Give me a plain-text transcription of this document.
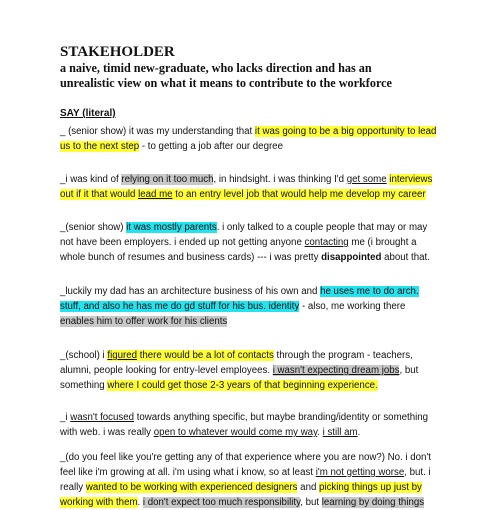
STAKEHOLDER

a naive, timid new-graduate, who lacks direction and has an

unrealistic view on what it means to contribute to the workforce

SAY (literal)

_ (senior show) it was my understanding that it was going to be a big opportunity to lead
us to the next step - to getting a job after our degree
_i was kind of relying on it too much, in hindsight. i was thinking I'd get some interviews
out if it that would lead me to an entry level job that would help me develop my career
_(senior show) it was mostly parents. i only talked to a couple people that may or may
not have been employers. i ended up not getting anyone contacting me (i brought a
whole bunch of resumes and business cards) --- i was pretty disappointed about that.
_luckily my dad has an architecture business of his own and he uses me to do arch.
stuff, and also he has me do gd stuff for his bus. identity - also, me working there
enables him to offer work for his clients
_(school) i figured there would be a lot of contacts through the program - teachers,
alumni, people looking for entry-level employees. i wasn't expecting dream jobs, but
something where I could get those 2-3 years of that beginning experience.
_i wasn't focused towards anything specific, but maybe branding/identity or something
with web. i was really open to whatever would come my way. i still am.
_(do you feel like you're getting any of that experience where you are now?) No. i don't
feel like i'm growing at all. i'm using what i know, so at least i'm not getting worse, but. i
really wanted to be working with experienced designers and picking things up just by
working with them. i don't expect too much responsibility, but learning by doing things
